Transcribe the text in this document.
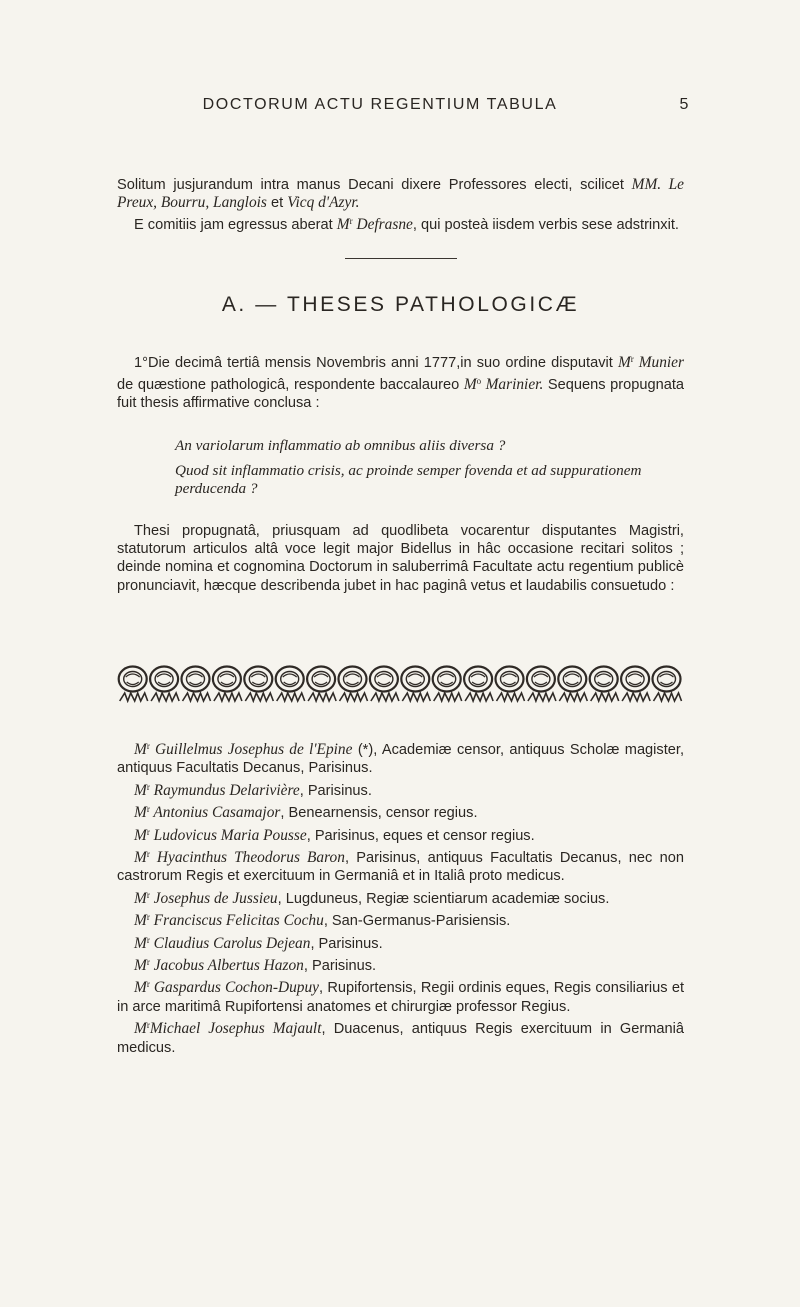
DOCTORUM ACTU REGENTIUM TABULA	5

Solitum jusjurandum intra manus Decani dixere Professores electi, scilicet MM. Le Preux, Bourru, Langlois et Vicq d'Azyr.

E comitiis jam egressus aberat $M^r$ Defrasne, qui posteà iisdem verbis sese adstrinxit.

A. — THESES PATHOLOGICÆ

1°Die decimâ tertiâ mensis Novembris anni 1777,in suo ordine disputavit $M^r$ Munier de quæstione pathologicâ, respondente baccalaureo $M^o$ Marinier. Sequens propugnata fuit thesis affirmative conclusa :

An variolarum inflammatio ab omnibus aliis diversa ?
Quod sit inflammatio crisis, ac proinde semper fovenda et ad suppurationem perducenda ?

Thesi propugnatâ, priusquam ad quodlibeta vocarentur disputantes Magistri, statutorum articulos altâ voce legit major Bidellus in hâc occasione recitari solitos ; deinde nomina et cognomina Doctorum in saluberrimâ Facultate actu regentium publicè pronunciavit, hæcque describenda jubet in hac paginâ vetus et laudabilis consuetudo :

$M^r$ Guillelmus Josephus de l'Epine (*), Academiæ censor, antiquus Scholæ magister, antiquus Facultatis Decanus, Parisinus.

$M^r$ Raymundus Delarivière, Parisinus.

$M^r$ Antonius Casamajor, Benearnensis, censor regius.

$M^r$ Ludovicus Maria Pousse, Parisinus, eques et censor regius.

$M^r$ Hyacinthus Theodorus Baron, Parisinus, antiquus Facultatis Decanus, nec non castrorum Regis et exercituum in Germaniâ et in Italiâ proto medicus.

$M^r$ Josephus de Jussieu, Lugduneus, Regiæ scientiarum academiæ socius.

$M^r$ Franciscus Felicitas Cochu, San-Germanus-Parisiensis.

$M^r$ Claudius Carolus Dejean, Parisinus.

$M^r$ Jacobus Albertus Hazon, Parisinus.

$M^r$ Gaspardus Cochon-Dupuy, Rupifortensis, Regii ordinis eques, Regis consiliarius et in arce maritimâ Rupifortensi anatomes et chirurgiæ professor Regius.

$M^rMichael$ Josephus Majault, Duacenus, antiquus Regis exercituum in Germaniâ medicus.
